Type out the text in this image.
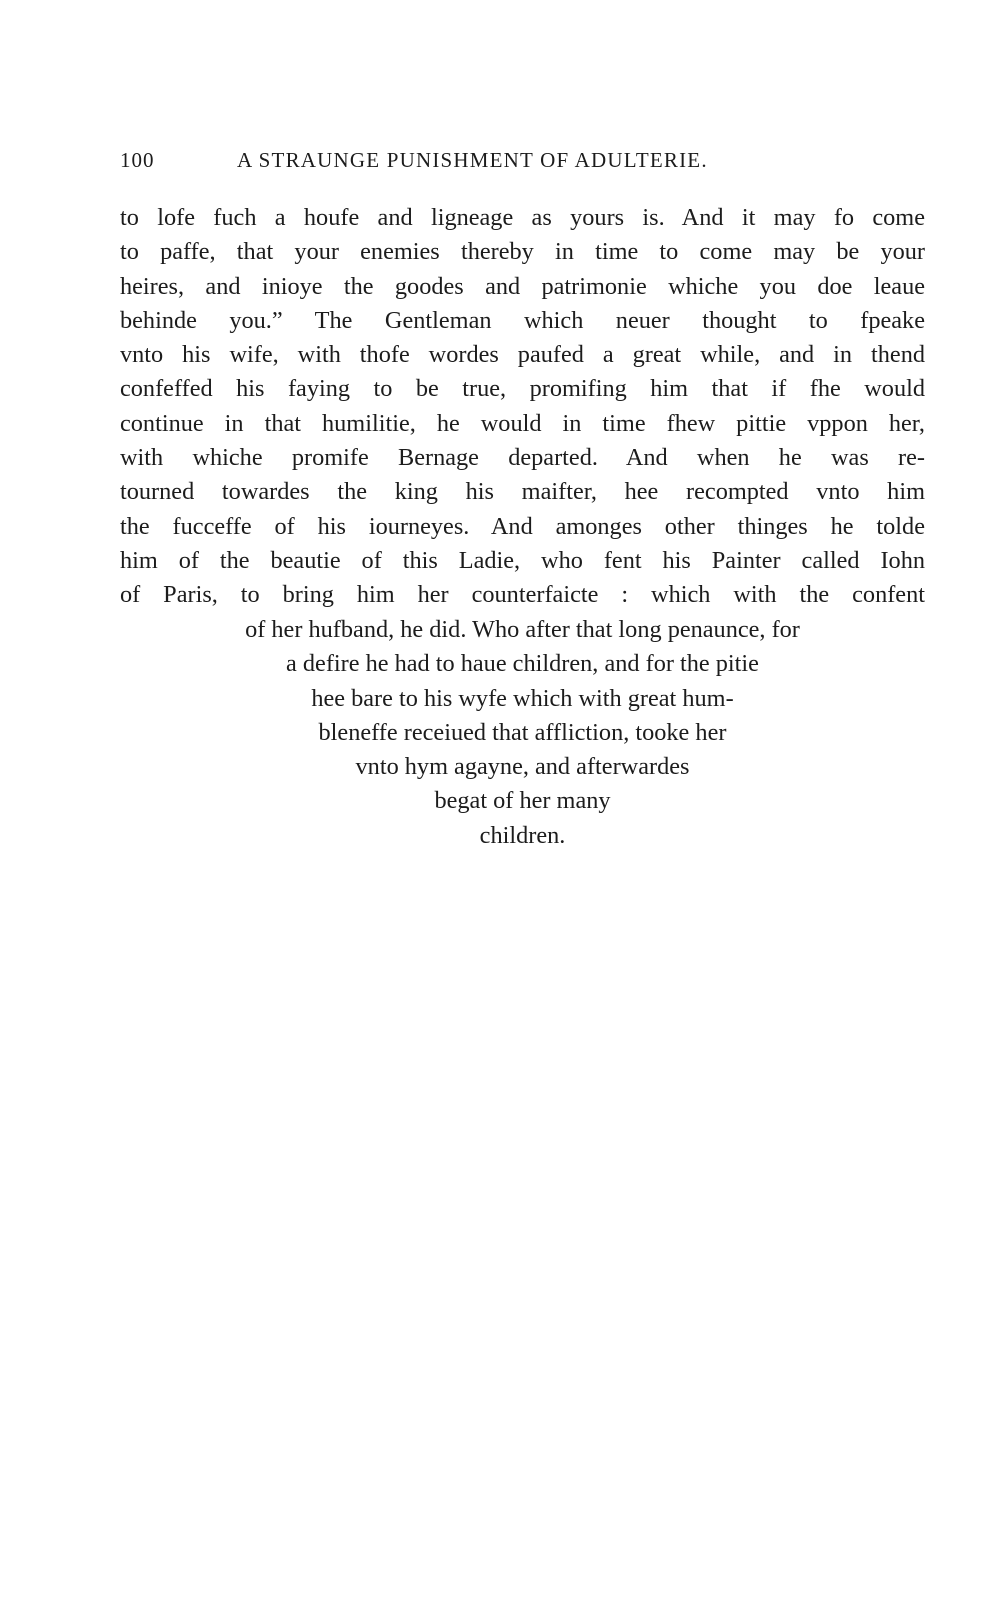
100	A STRAUNGE PUNISHMENT OF ADULTERIE.
to lofe fuch a houfe and ligneage as yours is. And it may fo come
to paffe, that your enemies thereby in time to come may be your
heires, and inioye the goodes and patrimonie whiche you doe leaue
behinde you.” The Gentleman which neuer thought to fpeake
vnto his wife, with thofe wordes paufed a great while, and in thend
confeffed his faying to be true, promifing him that if fhe would
continue in that humilitie, he would in time fhew pittie vppon her,
with whiche promife Bernage departed. And when he was re-
tourned towardes the king his maifter, hee recompted vnto him
the fucceffe of his iourneyes. And amonges other thinges he tolde
him of the beautie of this Ladie, who fent his Painter called Iohn
of Paris, to bring him her counterfaicte : which with the confent
of her hufband, he did. Who after that long penaunce, for
a defire he had to haue children, and for the pitie
hee bare to his wyfe which with great hum-
bleneffe receiued that affliction, tooke her
vnto hym agayne, and afterwardes
begat of her many
children.
